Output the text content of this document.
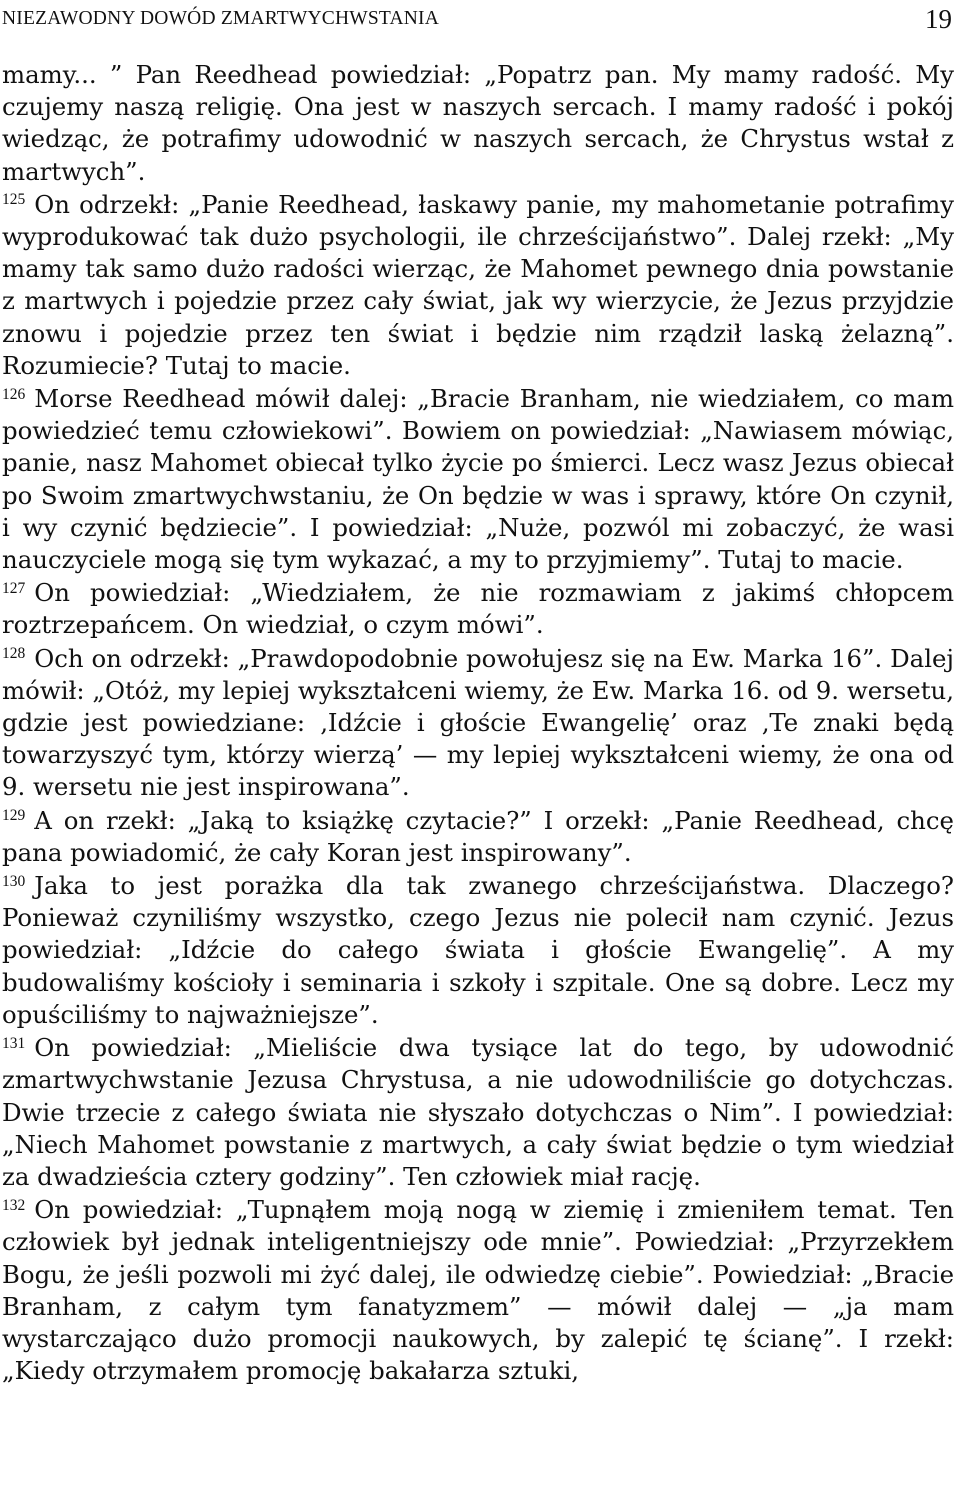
NIEZAWODNY DOWÓD ZMARTWYCHWSTANIA	19

mamy... ” Pan Reedhead powiedział: „Popatrz pan. My mamy radość. My czujemy naszą religię. Ona jest w naszych sercach. I mamy radość i pokój wiedząc, że potrafimy udowodnić w naszych sercach, że Chrystus wstał z martwych”.

$^{125}$ On odrzekł: „Panie Reedhead, łaskawy panie, my mahometanie potrafimy wyprodukować tak dużo psychologii, ile chrześcijaństwo”. Dalej rzekł: „My mamy tak samo dużo radości wierząc, że Mahomet pewnego dnia powstanie z martwych i pojedzie przez cały świat, jak wy wierzycie, że Jezus przyjdzie znowu i pojedzie przez ten świat i będzie nim rządził laską żelazną”. Rozumiecie? Tutaj to macie.

$^{126}$ Morse Reedhead mówił dalej: „Bracie Branham, nie wiedziałem, co mam powiedzieć temu człowiekowi”. Bowiem on powiedział: „Nawiasem mówiąc, panie, nasz Mahomet obiecał tylko życie po śmierci. Lecz wasz Jezus obiecał po Swoim zmartwychwstaniu, że On będzie w was i sprawy, które On czynił, i wy czynić będziecie”. I powiedział: „Nuże, pozwól mi zobaczyć, że wasi nauczyciele mogą się tym wykazać, a my to przyjmiemy”. Tutaj to macie.

$^{127}$ On powiedział: „Wiedziałem, że nie rozmawiam z jakimś chłopcem roztrzepańcem. On wiedział, o czym mówi”.

$^{128}$ Och on odrzekł: „Prawdopodobnie powołujesz się na Ew. Marka 16”. Dalej mówił: „Otóż, my lepiej wykształceni wiemy, że Ew. Marka 16. od 9. wersetu, gdzie jest powiedziane: ‚Idźcie i głoście Ewangelię’ oraz ‚Te znaki będą towarzyszyć tym, którzy wierzą’ — my lepiej wykształceni wiemy, że ona od 9. wersetu nie jest inspirowana”.

$^{129}$ A on rzekł: „Jaką to książkę czytacie?” I orzekł: „Panie Reedhead, chcę pana powiadomić, że cały Koran jest inspirowany”.

$^{130}$ Jaka to jest porażka dla tak zwanego chrześcijaństwa. Dlaczego? Ponieważ czyniliśmy wszystko, czego Jezus nie polecił nam czynić. Jezus powiedział: „Idźcie do całego świata i głoście Ewangelię”. A my budowaliśmy kościoły i seminaria i szkoły i szpitale. One są dobre. Lecz my opuściliśmy to najważniejsze”.

$^{131}$ On powiedział: „Mieliście dwa tysiące lat do tego, by udowodnić zmartwychwstanie Jezusa Chrystusa, a nie udowodniliście go dotychczas. Dwie trzecie z całego świata nie słyszało dotychczas o Nim”. I powiedział: „Niech Mahomet powstanie z martwych, a cały świat będzie o tym wiedział za dwadzieścia cztery godziny”. Ten człowiek miał rację.

$^{132}$ On powiedział: „Tupnąłem moją nogą w ziemię i zmieniłem temat. Ten człowiek był jednak inteligentniejszy ode mnie”. Powiedział: „Przyrzekłem Bogu, że jeśli pozwoli mi żyć dalej, ile odwiedzę ciebie”. Powiedział: „Bracie Branham, z całym tym fanatyzmem” — mówił dalej — „ja mam wystarczająco dużo promocji naukowych, by zalepić tę ścianę”. I rzekł: „Kiedy otrzymałem promocję bakałarza sztuki,
